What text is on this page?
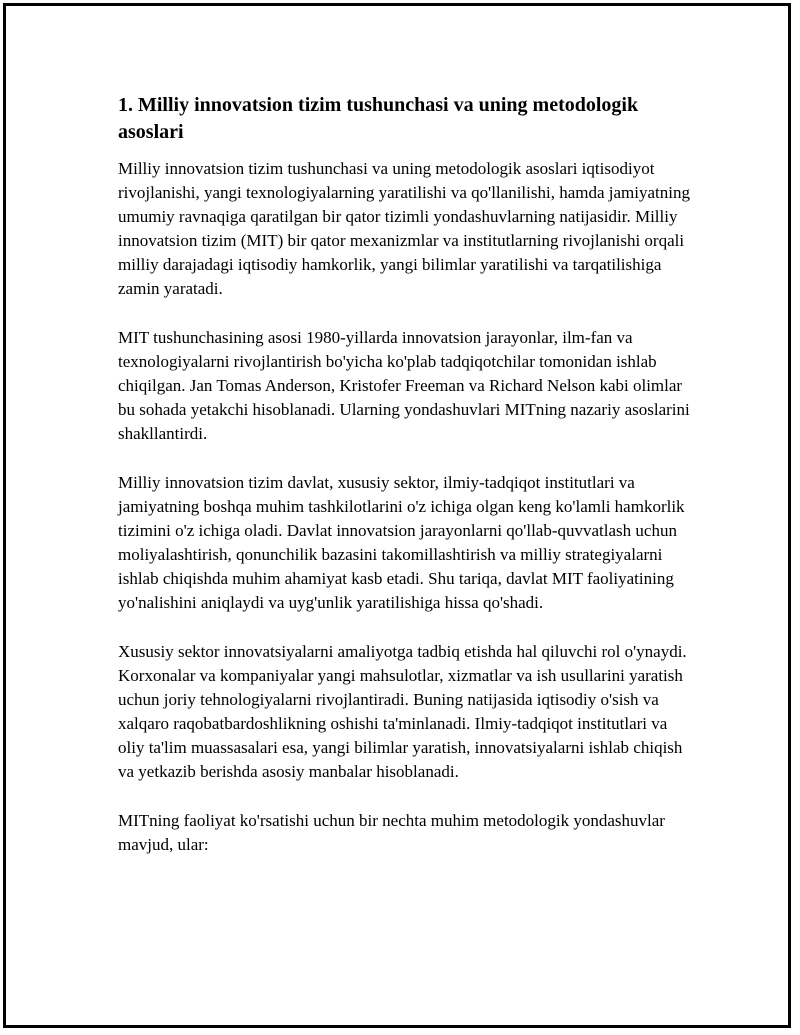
1. Milliy innovatsion tizim tushunchasi va uning metodologik asoslari

Milliy innovatsion tizim tushunchasi va uning metodologik asoslari iqtisodiyot rivojlanishi, yangi texnologiyalarning yaratilishi va qo'llanilishi, hamda jamiyatning umumiy ravnaqiga qaratilgan bir qator tizimli yondashuvlarning natijasidir. Milliy innovatsion tizim (MIT) bir qator mexanizmlar va institutlarning rivojlanishi orqali milliy darajadagi iqtisodiy hamkorlik, yangi bilimlar yaratilishi va tarqatilishiga zamin yaratadi.

MIT tushunchasining asosi 1980-yillarda innovatsion jarayonlar, ilm-fan va texnologiyalarni rivojlantirish bo'yicha ko'plab tadqiqotchilar tomonidan ishlab chiqilgan. Jan Tomas Anderson, Kristofer Freeman va Richard Nelson kabi olimlar bu sohada yetakchi hisoblanadi. Ularning yondashuvlari MITning nazariy asoslarini shakllantirdi.

Milliy innovatsion tizim davlat, xususiy sektor, ilmiy-tadqiqot institutlari va jamiyatning boshqa muhim tashkilotlarini o'z ichiga olgan keng ko'lamli hamkorlik tizimini o'z ichiga oladi. Davlat innovatsion jarayonlarni qo'llab-quvvatlash uchun moliyalashtirish, qonunchilik bazasini takomillashtirish va milliy strategiyalarni ishlab chiqishda muhim ahamiyat kasb etadi. Shu tariqa, davlat MIT faoliyatining yo'nalishini aniqlaydi va uyg'unlik yaratilishiga hissa qo'shadi.

Xususiy sektor innovatsiyalarni amaliyotga tadbiq etishda hal qiluvchi rol o'ynaydi. Korxonalar va kompaniyalar yangi mahsulotlar, xizmatlar va ish usullarini yaratish uchun joriy tehnologiyalarni rivojlantiradi. Buning natijasida iqtisodiy o'sish va xalqaro raqobatbardoshlikning oshishi ta'minlanadi. Ilmiy-tadqiqot institutlari va oliy ta'lim muassasalari esa, yangi bilimlar yaratish, innovatsiyalarni ishlab chiqish va yetkazib berishda asosiy manbalar hisoblanadi.

MITning faoliyat ko'rsatishi uchun bir nechta muhim metodologik yondashuvlar mavjud, ular:
